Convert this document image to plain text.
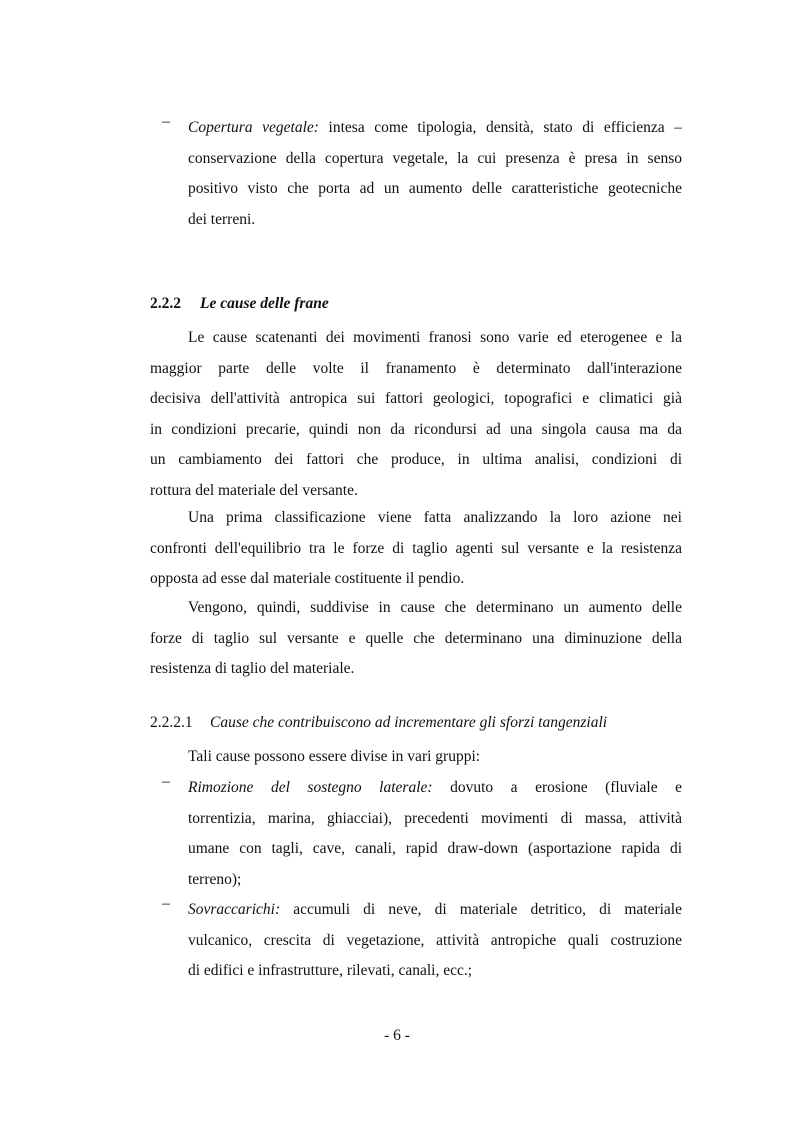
– Copertura vegetale: intesa come tipologia, densità, stato di efficienza –
conservazione della copertura vegetale, la cui presenza è presa in senso
positivo visto che porta ad un aumento delle caratteristiche geotecniche
dei terreni.
2.2.2 Le cause delle frane
Le cause scatenanti dei movimenti franosi sono varie ed eterogenee e la
maggior parte delle volte il franamento è determinato dall'interazione
decisiva dell'attività antropica sui fattori geologici, topografici e climatici già
in condizioni precarie, quindi non da ricondursi ad una singola causa ma da
un cambiamento dei fattori che produce, in ultima analisi, condizioni di
rottura del materiale del versante.
Una prima classificazione viene fatta analizzando la loro azione nei
confronti dell'equilibrio tra le forze di taglio agenti sul versante e la resistenza
opposta ad esse dal materiale costituente il pendio.
Vengono, quindi, suddivise in cause che determinano un aumento delle
forze di taglio sul versante e quelle che determinano una diminuzione della
resistenza di taglio del materiale.
2.2.2.1 Cause che contribuiscono ad incrementare gli sforzi tangenziali
Tali cause possono essere divise in vari gruppi:
– Rimozione del sostegno laterale: dovuto a erosione (fluviale e
torrentizia, marina, ghiacciai), precedenti movimenti di massa, attività
umane con tagli, cave, canali, rapid draw-down (asportazione rapida di
terreno);
– Sovraccarichi: accumuli di neve, di materiale detritico, di materiale
vulcanico, crescita di vegetazione, attività antropiche quali costruzione
di edifici e infrastrutture, rilevati, canali, ecc.;
- 6 -
